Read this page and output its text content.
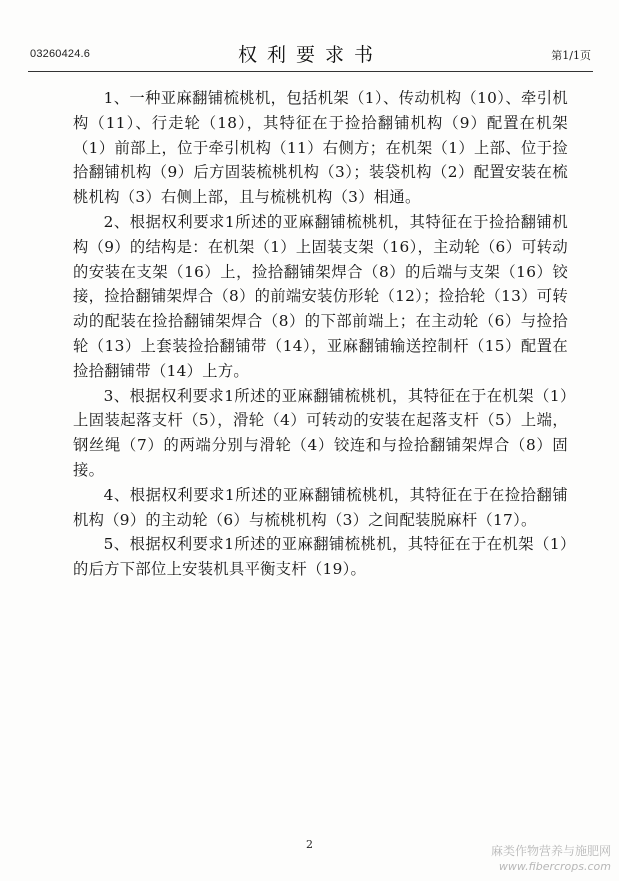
03260424.6	权利要求书	第1/1页

1、一种亚麻翻铺梳桃机，包括机架（1）、传动机构（10）、牵引机构（11）、行走轮（18），其特征在于捡拾翻铺机构（9）配置在机架（1）前部上，位于牵引机构（11）右侧方；在机架（1）上部、位于捡拾翻铺机构（9）后方固装梳桃机构（3）；装袋机构（2）配置安装在梳桃机构（3）右侧上部，且与梳桃机构（3）相通。

2、根据权利要求1所述的亚麻翻铺梳桃机，其特征在于捡拾翻铺机构（9）的结构是：在机架（1）上固装支架（16），主动轮（6）可转动的安装在支架（16）上，捡拾翻铺架焊合（8）的后端与支架（16）铰接，捡拾翻铺架焊合（8）的前端安装仿形轮（12）；捡拾轮（13）可转动的配装在捡拾翻铺架焊合（8）的下部前端上；在主动轮（6）与捡拾轮（13）上套装捡拾翻铺带（14），亚麻翻铺输送控制杆（15）配置在捡拾翻铺带（14）上方。

3、根据权利要求1所述的亚麻翻铺梳桃机，其特征在于在机架（1）上固装起落支杆（5），滑轮（4）可转动的安装在起落支杆（5）上端，钢丝绳（7）的两端分别与滑轮（4）铰连和与捡拾翻铺架焊合（8）固接。

4、根据权利要求1所述的亚麻翻铺梳桃机，其特征在于在捡拾翻铺机构（9）的主动轮（6）与梳桃机构（3）之间配装脱麻杆（17）。

5、根据权利要求1所述的亚麻翻铺梳桃机，其特征在于在机架（1）的后方下部位上安装机具平衡支杆（19）。

2	麻类作物营养与施肥网
www.fibercrops.com
